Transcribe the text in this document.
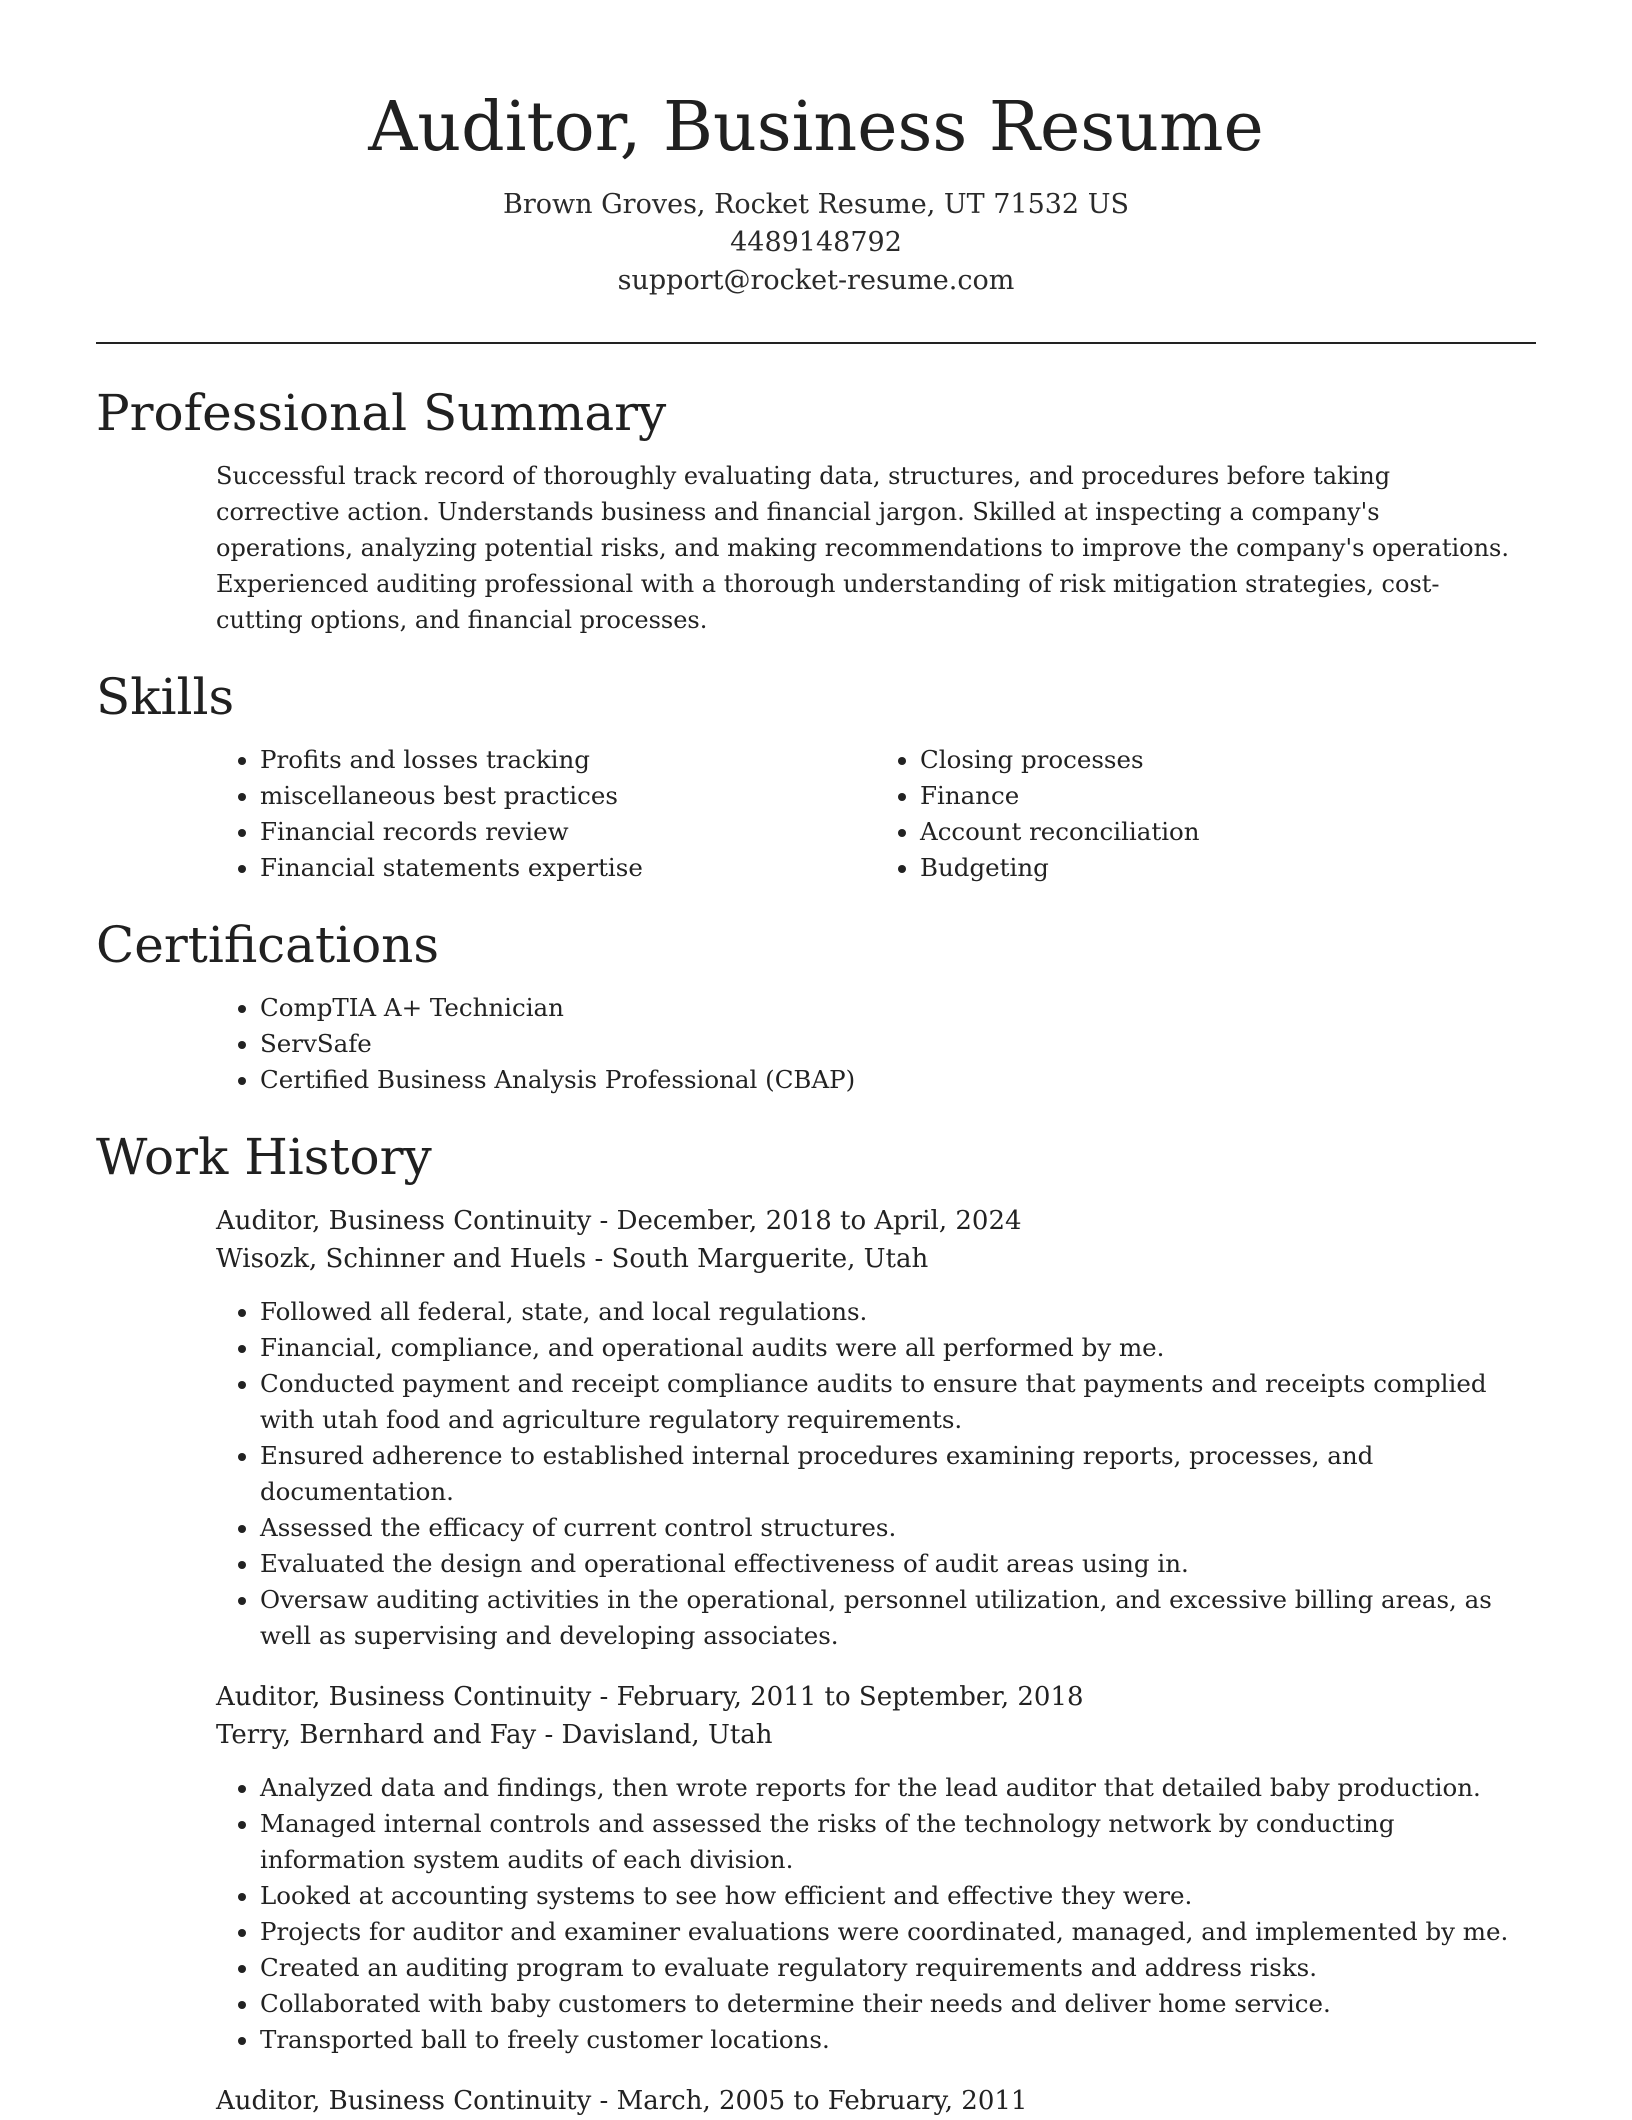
Auditor, Business Resume
Brown Groves, Rocket Resume, UT 71532 US
4489148792
support@rocket-resume.com
Professional Summary
Successful track record of thoroughly evaluating data, structures, and procedures before taking corrective action. Understands business and financial jargon. Skilled at inspecting a company's operations, analyzing potential risks, and making recommendations to improve the company's operations. Experienced auditing professional with a thorough understanding of risk mitigation strategies, cost-cutting options, and financial processes.
Skills
• Profits and losses tracking
• miscellaneous best practices
• Financial records review
• Financial statements expertise
• Closing processes
• Finance
• Account reconciliation
• Budgeting
Certifications
• CompTIA A+ Technician
• ServSafe
• Certified Business Analysis Professional (CBAP)
Work History
Auditor, Business Continuity - December, 2018 to April, 2024
Wisozk, Schinner and Huels - South Marguerite, Utah
• Followed all federal, state, and local regulations.
• Financial, compliance, and operational audits were all performed by me.
• Conducted payment and receipt compliance audits to ensure that payments and receipts complied with utah food and agriculture regulatory requirements.
• Ensured adherence to established internal procedures examining reports, processes, and documentation.
• Assessed the efficacy of current control structures.
• Evaluated the design and operational effectiveness of audit areas using in.
• Oversaw auditing activities in the operational, personnel utilization, and excessive billing areas, as well as supervising and developing associates.
Auditor, Business Continuity - February, 2011 to September, 2018
Terry, Bernhard and Fay - Davisland, Utah
• Analyzed data and findings, then wrote reports for the lead auditor that detailed baby production.
• Managed internal controls and assessed the risks of the technology network by conducting information system audits of each division.
• Looked at accounting systems to see how efficient and effective they were.
• Projects for auditor and examiner evaluations were coordinated, managed, and implemented by me.
• Created an auditing program to evaluate regulatory requirements and address risks.
• Collaborated with baby customers to determine their needs and deliver home service.
• Transported ball to freely customer locations.
Auditor, Business Continuity - March, 2005 to February, 2011
